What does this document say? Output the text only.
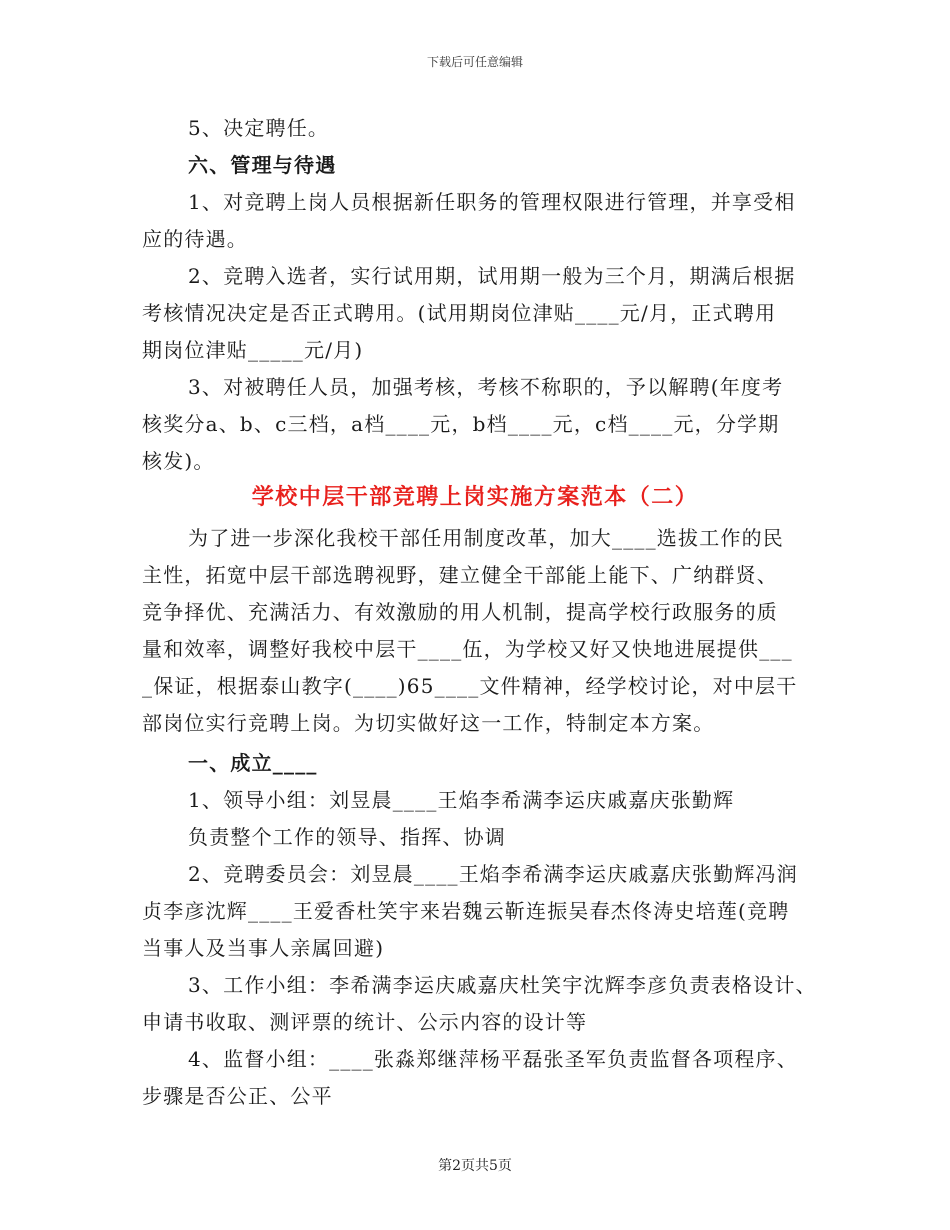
下载后可任意编辑
5、决定聘任。
六、管理与待遇
1、对竞聘上岗人员根据新任职务的管理权限进行管理，并享受相
应的待遇。
2、竞聘入选者，实行试用期，试用期一般为三个月，期满后根据
考核情况决定是否正式聘用。(试用期岗位津贴____元/月，正式聘用
期岗位津贴_____元/月)
3、对被聘任人员，加强考核，考核不称职的，予以解聘(年度考
核奖分a、b、c三档，a档____元，b档____元，c档____元，分学期
核发)。
学校中层干部竞聘上岗实施方案范本（二）
为了进一步深化我校干部任用制度改革，加大____选拔工作的民
主性，拓宽中层干部选聘视野，建立健全干部能上能下、广纳群贤、
竞争择优、充满活力、有效激励的用人机制，提高学校行政服务的质
量和效率，调整好我校中层干____伍，为学校又好又快地进展提供___
_保证，根据泰山教字(____)65____文件精神，经学校讨论，对中层干
部岗位实行竞聘上岗。为切实做好这一工作，特制定本方案。
一、成立____
1、领导小组：刘昱晨____王焰李希满李运庆戚嘉庆张勤辉
负责整个工作的领导、指挥、协调
2、竞聘委员会：刘昱晨____王焰李希满李运庆戚嘉庆张勤辉冯润
贞李彦沈辉____王爱香杜笑宇来岩魏云靳连振吴春杰佟涛史培莲(竞聘
当事人及当事人亲属回避)
3、工作小组：李希满李运庆戚嘉庆杜笑宇沈辉李彦负责表格设计、
申请书收取、测评票的统计、公示内容的设计等
4、监督小组：____张淼郑继萍杨平磊张圣军负责监督各项程序、
步骤是否公正、公平
第2页共5页
